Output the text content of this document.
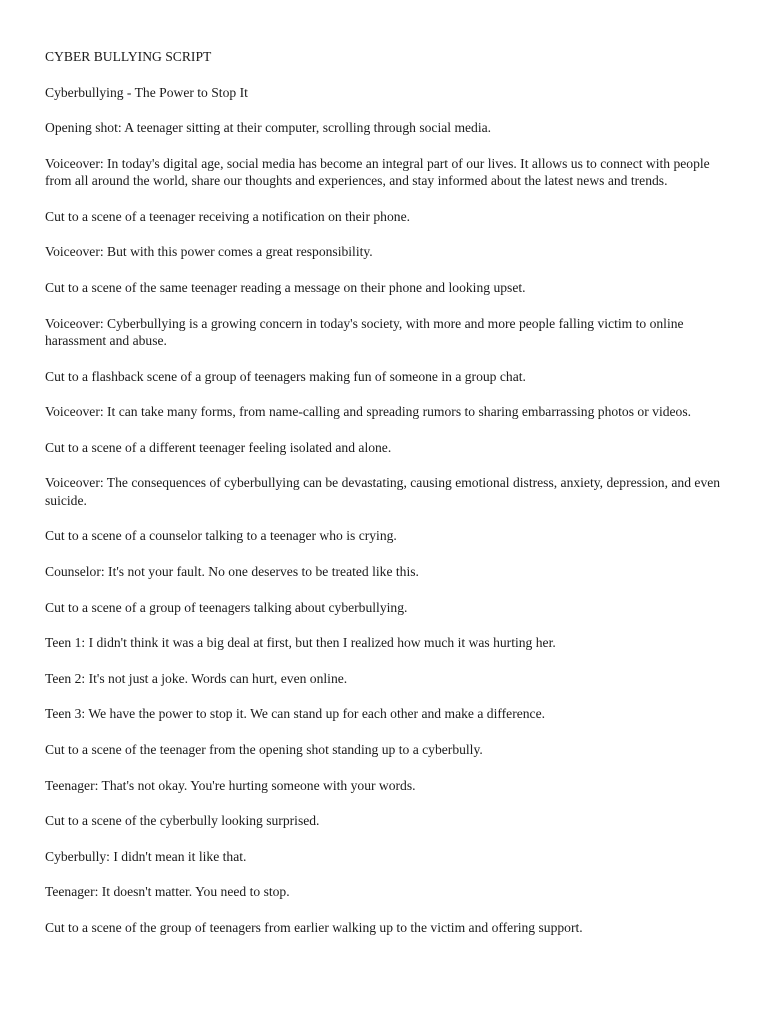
CYBER BULLYING SCRIPT

Cyberbullying - The Power to Stop It

Opening shot: A teenager sitting at their computer, scrolling through social media.

Voiceover: In today's digital age, social media has become an integral part of our lives. It allows us to connect with people from all around the world, share our thoughts and experiences, and stay informed about the latest news and trends.

Cut to a scene of a teenager receiving a notification on their phone.

Voiceover: But with this power comes a great responsibility.

Cut to a scene of the same teenager reading a message on their phone and looking upset.

Voiceover: Cyberbullying is a growing concern in today's society, with more and more people falling victim to online harassment and abuse.

Cut to a flashback scene of a group of teenagers making fun of someone in a group chat.

Voiceover: It can take many forms, from name-calling and spreading rumors to sharing embarrassing photos or videos.

Cut to a scene of a different teenager feeling isolated and alone.

Voiceover: The consequences of cyberbullying can be devastating, causing emotional distress, anxiety, depression, and even suicide.

Cut to a scene of a counselor talking to a teenager who is crying.

Counselor: It's not your fault. No one deserves to be treated like this.

Cut to a scene of a group of teenagers talking about cyberbullying.

Teen 1: I didn't think it was a big deal at first, but then I realized how much it was hurting her.

Teen 2: It's not just a joke. Words can hurt, even online.

Teen 3: We have the power to stop it. We can stand up for each other and make a difference.

Cut to a scene of the teenager from the opening shot standing up to a cyberbully.

Teenager: That's not okay. You're hurting someone with your words.

Cut to a scene of the cyberbully looking surprised.

Cyberbully: I didn't mean it like that.

Teenager: It doesn't matter. You need to stop.

Cut to a scene of the group of teenagers from earlier walking up to the victim and offering support.
